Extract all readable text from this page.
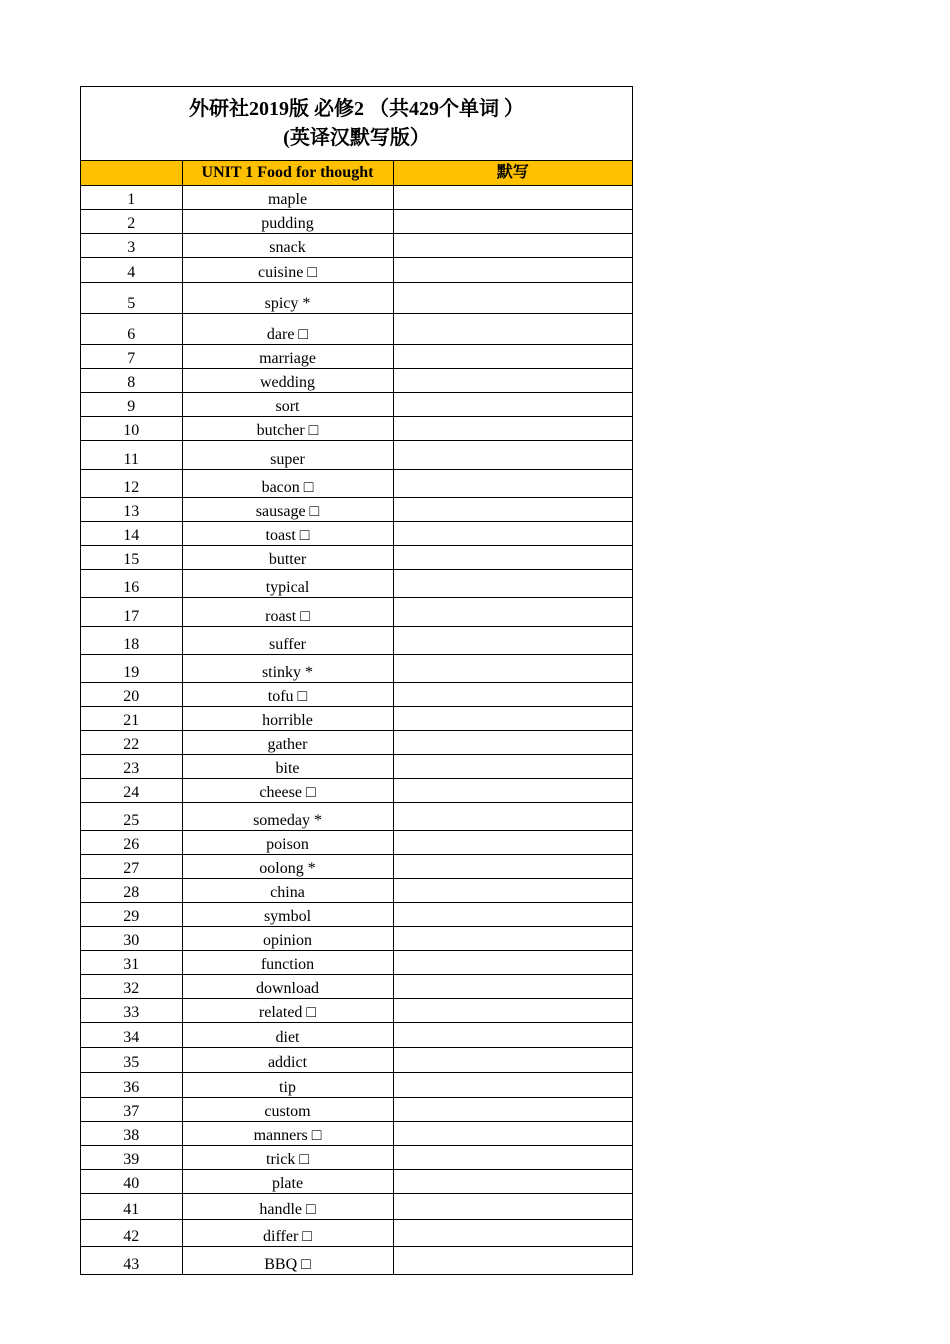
外研社2019版 必修2 （共429个单词 ）
(英译汉默写版）
	UNIT 1 Food for thought	默写
1	maple	
2	pudding	
3	snack	
4	cuisine □	
5	spicy *	
6	dare □	
7	marriage	
8	wedding	
9	sort	
10	butcher □	
11	super	
12	bacon □	
13	sausage □	
14	toast □	
15	butter	
16	typical	
17	roast □	
18	suffer	
19	stinky *	
20	tofu □	
21	horrible	
22	gather	
23	bite	
24	cheese □	
25	someday *	
26	poison	
27	oolong *	
28	china	
29	symbol	
30	opinion	
31	function	
32	download	
33	related □	
34	diet	
35	addict	
36	tip	
37	custom	
38	manners □	
39	trick □	
40	plate	
41	handle □	
42	differ □	
43	BBQ □	
